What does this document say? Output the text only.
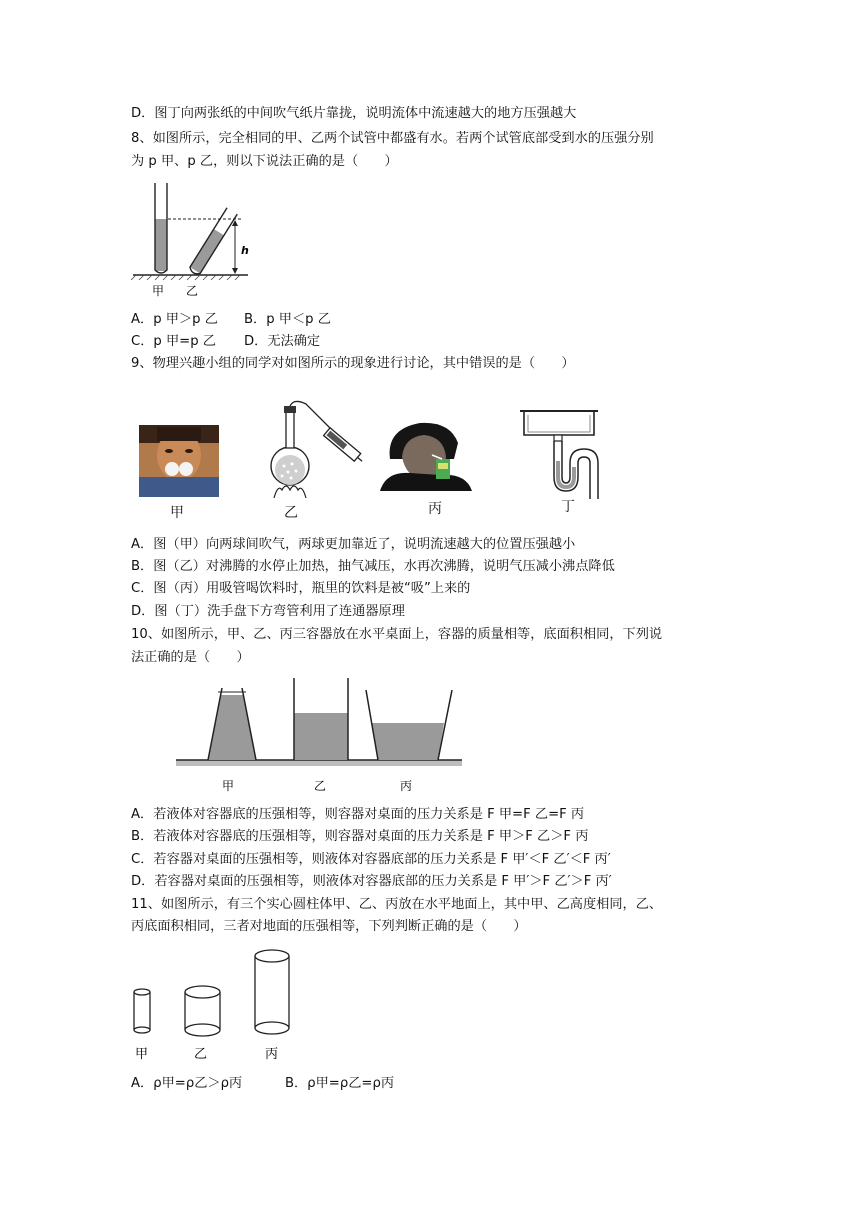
D．图丁向两张纸的中间吹气纸片靠拢，说明流体中流速越大的地方压强越大
8、如图所示，完全相同的甲、乙两个试管中都盛有水。若两个试管底部受到水的压强分别
为 p 甲、p 乙，则以下说法正确的是（　　）
h
甲 乙
A．p 甲＞p 乙 B．p 甲＜p 乙
C．p 甲=p 乙 D．无法确定
9、物理兴趣小组的同学对如图所示的现象进行讨论，其中错误的是（　　）
甲	乙	丙	丁
A．图（甲）向两球间吹气，两球更加靠近了，说明流速越大的位置压强越小
B．图（乙）对沸腾的水停止加热，抽气减压，水再次沸腾，说明气压减小沸点降低
C．图（丙）用吸管喝饮料时，瓶里的饮料是被“吸”上来的
D．图（丁）洗手盘下方弯管利用了连通器原理
10、如图所示，甲、乙、丙三容器放在水平桌面上，容器的质量相等，底面积相同，下列说
法正确的是（　　）
甲	乙	丙
A．若液体对容器底的压强相等，则容器对桌面的压力关系是 F 甲=F 乙=F 丙
B．若液体对容器底的压强相等，则容器对桌面的压力关系是 F 甲＞F 乙＞F 丙
C．若容器对桌面的压强相等，则液体对容器底部的压力关系是 F 甲′＜F 乙′＜F 丙′
D．若容器对桌面的压强相等，则液体对容器底部的压力关系是 F 甲′＞F 乙′＞F 丙′
11、如图所示，有三个实心圆柱体甲、乙、丙放在水平地面上，其中甲、乙高度相同，乙、
丙底面积相同，三者对地面的压强相等，下列判断正确的是（　　）
甲	乙	丙
A．ρ甲=ρ乙＞ρ丙	B．ρ甲=ρ乙=ρ丙
